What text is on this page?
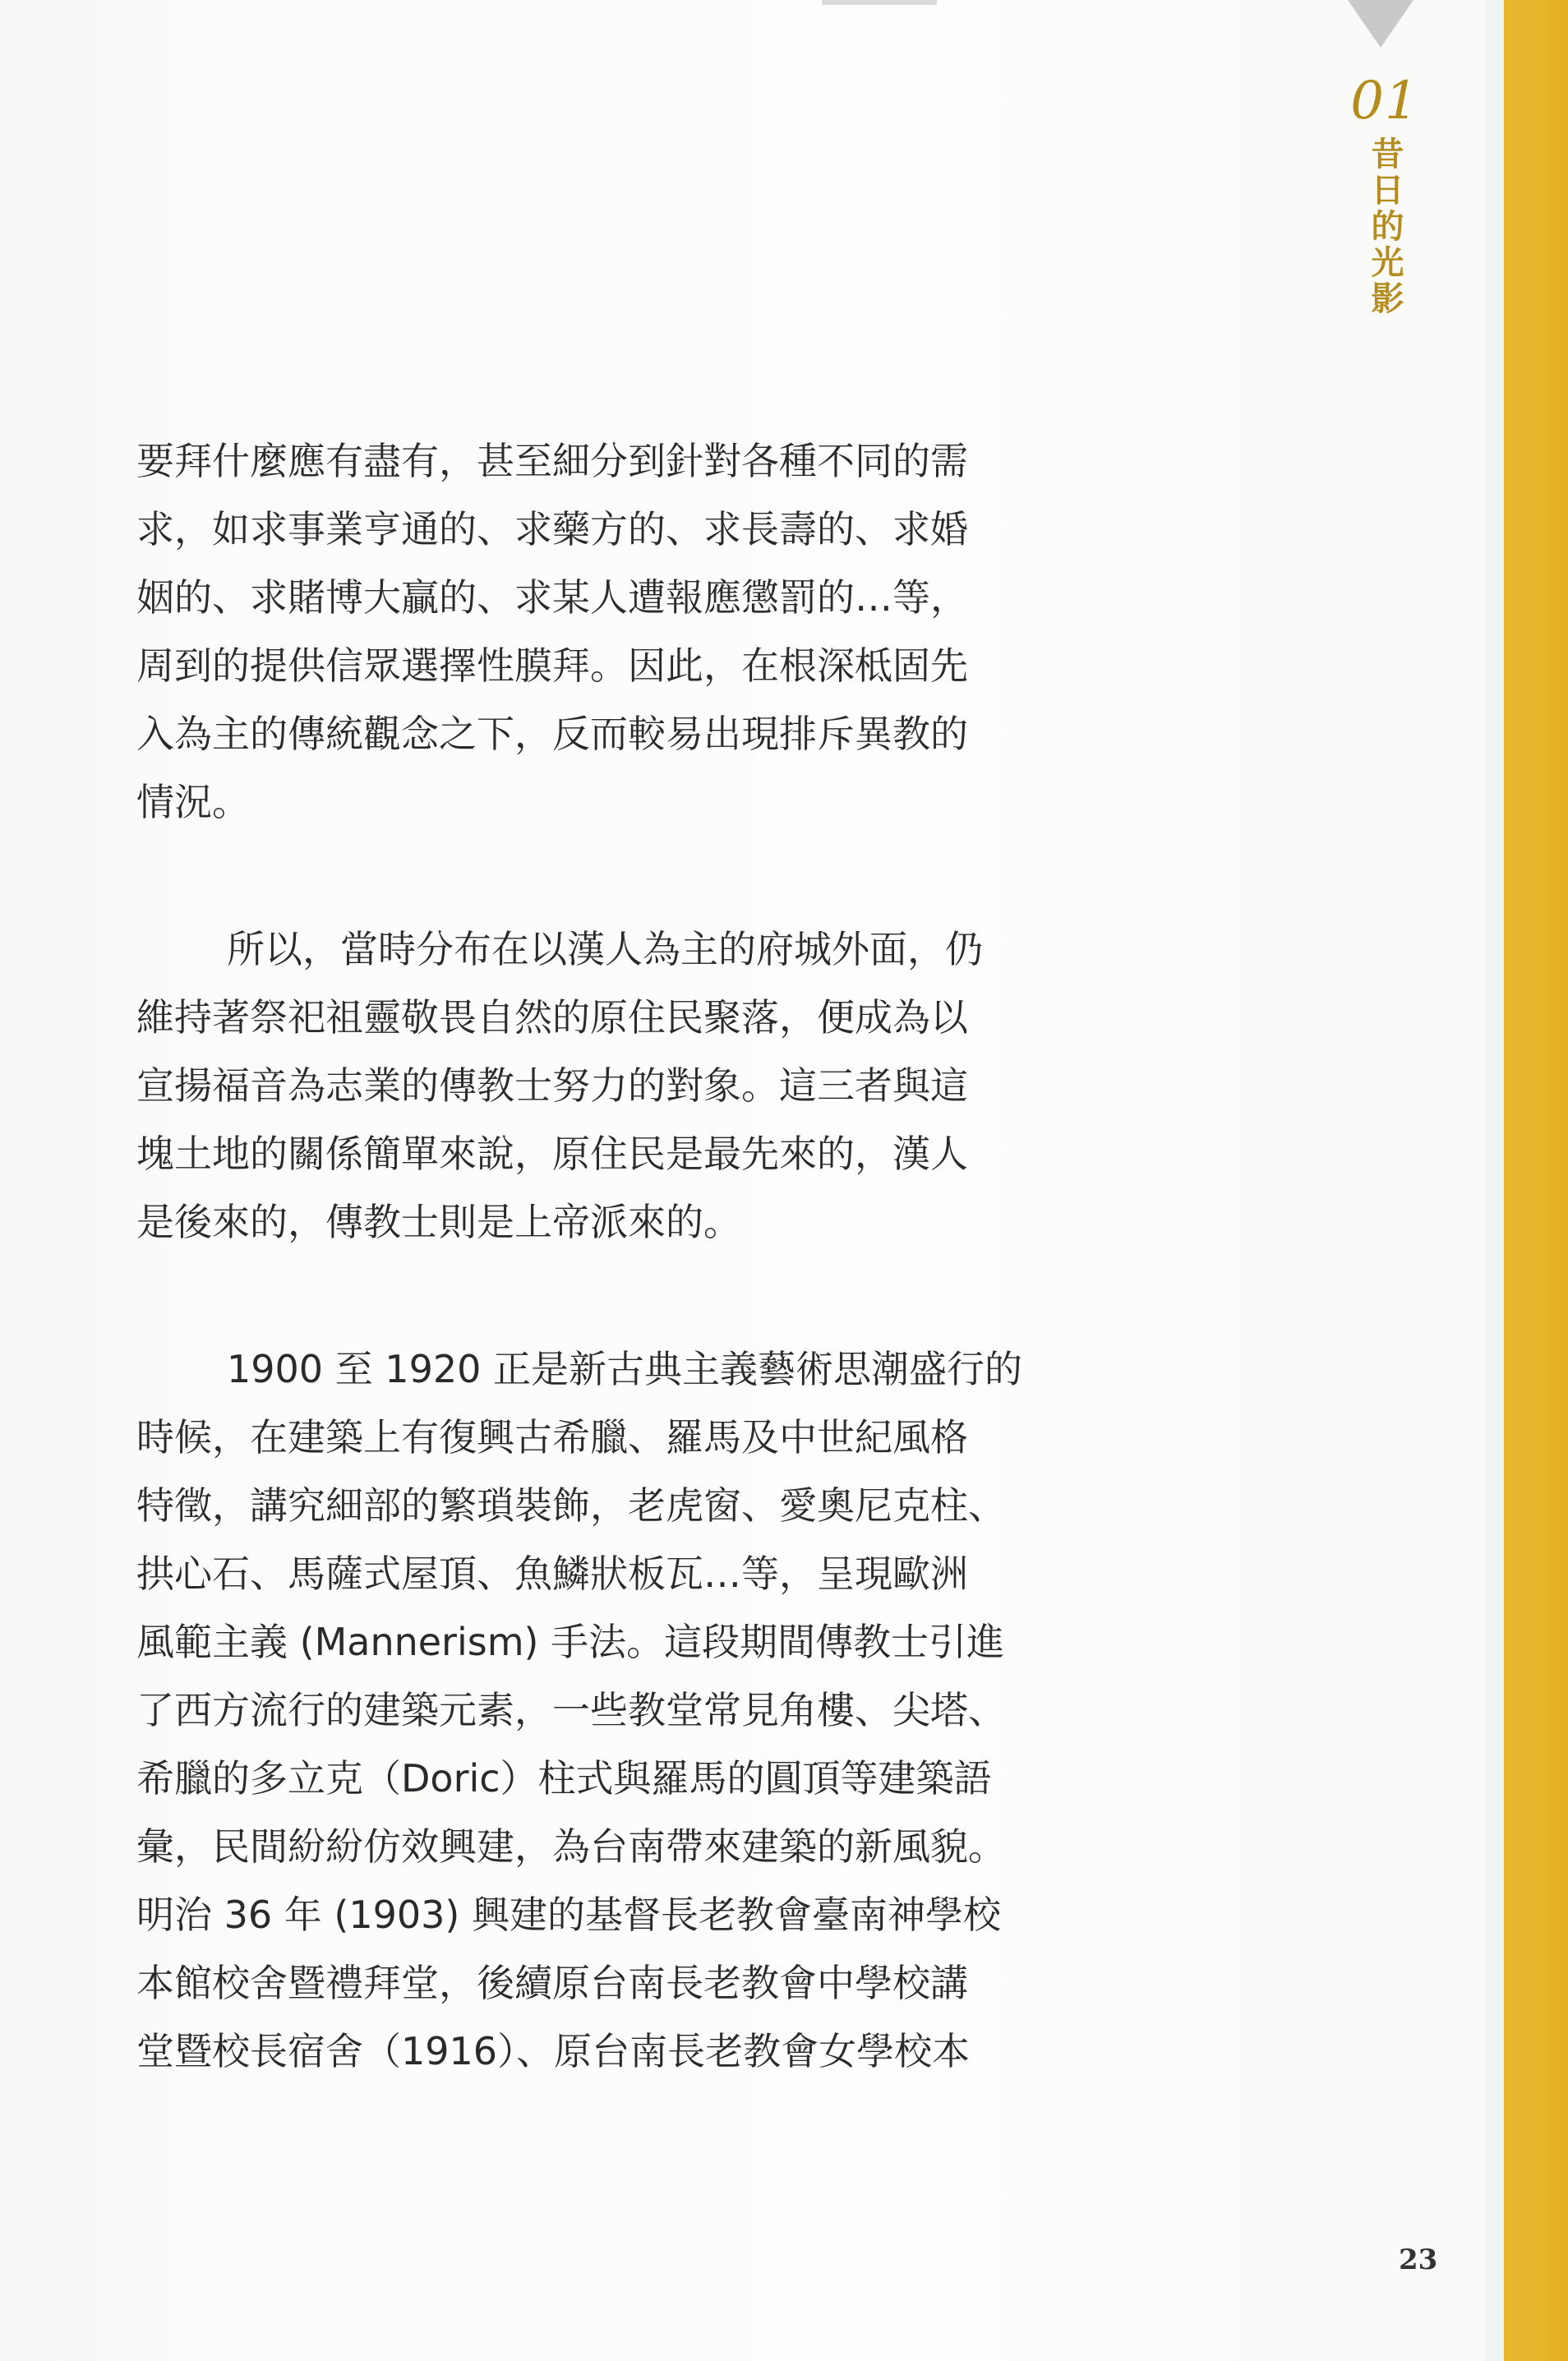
01
昔日的光影

要拜什麼應有盡有，甚至細分到針對各種不同的需
求，如求事業亨通的、求藥方的、求長壽的、求婚
姻的、求賭博大贏的、求某人遭報應懲罰的…等，
周到的提供信眾選擇性膜拜。因此，在根深柢固先
入為主的傳統觀念之下，反而較易出現排斥異教的
情況。

所以，當時分布在以漢人為主的府城外面，仍
維持著祭祀祖靈敬畏自然的原住民聚落，便成為以
宣揚福音為志業的傳教士努力的對象。這三者與這
塊土地的關係簡單來說，原住民是最先來的，漢人
是後來的，傳教士則是上帝派來的。

1900 至 1920 正是新古典主義藝術思潮盛行的
時候，在建築上有復興古希臘、羅馬及中世紀風格
特徵，講究細部的繁瑣裝飾，老虎窗、愛奧尼克柱、
拱心石、馬薩式屋頂、魚鱗狀板瓦…等，呈現歐洲
風範主義 (Mannerism) 手法。這段期間傳教士引進
了西方流行的建築元素，一些教堂常見角樓、尖塔、
希臘的多立克（Doric）柱式與羅馬的圓頂等建築語
彙，民間紛紛仿效興建，為台南帶來建築的新風貌。
明治 36 年 (1903) 興建的基督長老教會臺南神學校
本館校舍暨禮拜堂，後續原台南長老教會中學校講
堂暨校長宿舍（1916）、原台南長老教會女學校本

23
